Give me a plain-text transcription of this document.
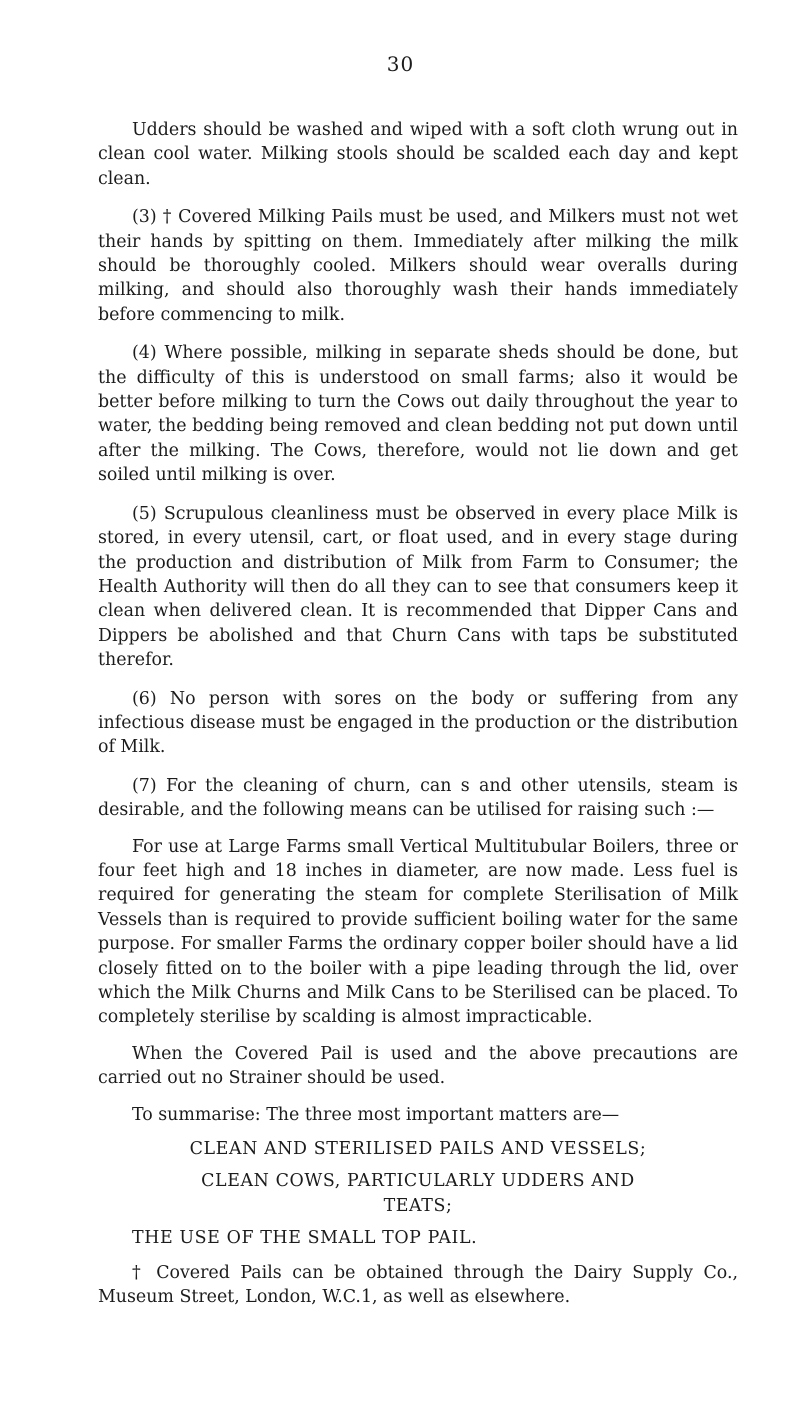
30

Udders should be washed and wiped with a soft cloth wrung out in clean cool water. Milking stools should be scalded each day and kept clean.

(3) † Covered Milking Pails must be used, and Milkers must not wet their hands by spitting on them. Immediately after milking the milk should be thoroughly cooled. Milkers should wear overalls during milking, and should also thoroughly wash their hands immediately before commencing to milk.

(4) Where possible, milking in separate sheds should be done, but the difficulty of this is understood on small farms; also it would be better before milking to turn the Cows out daily throughout the year to water, the bedding being removed and clean bedding not put down until after the milking. The Cows, therefore, would not lie down and get soiled until milking is over.

(5) Scrupulous cleanliness must be observed in every place Milk is stored, in every utensil, cart, or float used, and in every stage during the production and distribution of Milk from Farm to Consumer; the Health Authority will then do all they can to see that consumers keep it clean when delivered clean. It is recommended that Dipper Cans and Dippers be abolished and that Churn Cans with taps be substituted therefor.

(6) No person with sores on the body or suffering from any infectious disease must be engaged in the production or the distribution of Milk.

(7) For the cleaning of churn, can s and other utensils, steam is desirable, and the following means can be utilised for raising such :—

For use at Large Farms small Vertical Multitubular Boilers, three or four feet high and 18 inches in diameter, are now made. Less fuel is required for generating the steam for complete Sterilisation of Milk Vessels than is required to provide sufficient boiling water for the same purpose. For smaller Farms the ordinary copper boiler should have a lid closely fitted on to the boiler with a pipe leading through the lid, over which the Milk Churns and Milk Cans to be Sterilised can be placed. To completely sterilise by scalding is almost impracticable.

When the Covered Pail is used and the above precautions are carried out no Strainer should be used.

To summarise: The three most important matters are—

CLEAN AND STERILISED PAILS AND VESSELS;

CLEAN COWS, PARTICULARLY UDDERS AND

TEATS;

THE USE OF THE SMALL TOP PAIL.

† Covered Pails can be obtained through the Dairy Supply Co., Museum Street, London, W.C.1, as well as elsewhere.
